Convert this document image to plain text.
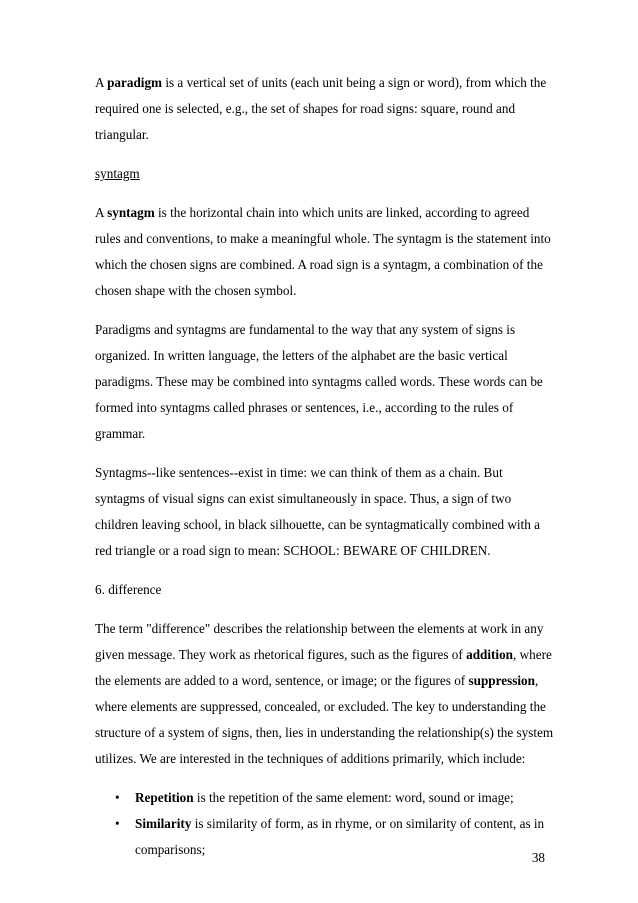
A paradigm is a vertical set of units (each unit being a sign or word), from which the required one is selected, e.g., the set of shapes for road signs: square, round and triangular.

syntagm

A syntagm is the horizontal chain into which units are linked, according to agreed rules and conventions, to make a meaningful whole. The syntagm is the statement into which the chosen signs are combined. A road sign is a syntagm, a combination of the chosen shape with the chosen symbol.

Paradigms and syntagms are fundamental to the way that any system of signs is organized. In written language, the letters of the alphabet are the basic vertical paradigms. These may be combined into syntagms called words. These words can be formed into syntagms called phrases or sentences, i.e., according to the rules of grammar.

Syntagms--like sentences--exist in time: we can think of them as a chain. But syntagms of visual signs can exist simultaneously in space. Thus, a sign of two children leaving school, in black silhouette, can be syntagmatically combined with a red triangle or a road sign to mean: SCHOOL: BEWARE OF CHILDREN.

6. difference

The term "difference" describes the relationship between the elements at work in any given message. They work as rhetorical figures, such as the figures of addition, where the elements are added to a word, sentence, or image; or the figures of suppression, where elements are suppressed, concealed, or excluded. The key to understanding the structure of a system of signs, then, lies in understanding the relationship(s) the system utilizes. We are interested in the techniques of additions primarily, which include:

• Repetition is the repetition of the same element: word, sound or image;
• Similarity is similarity of form, as in rhyme, or on similarity of content, as in comparisons;
38
